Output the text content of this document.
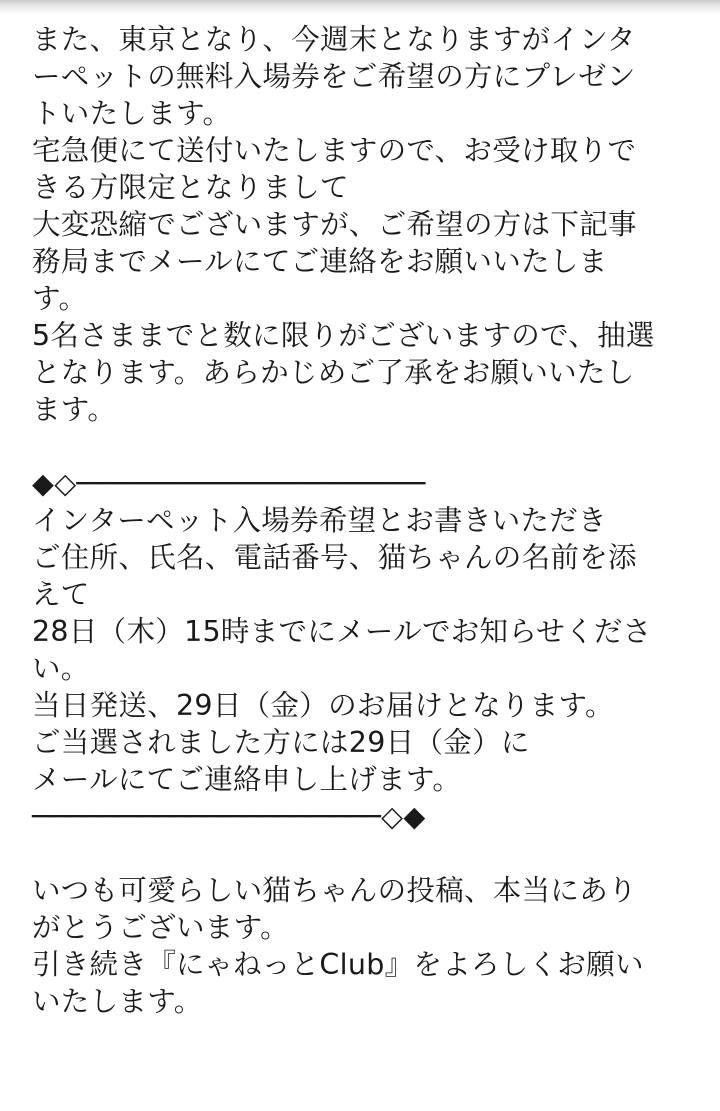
また、東京となり、今週末となりますがインタ
ーペットの無料入場券をご希望の方にプレゼン
トいたします。
宅急便にて送付いたしますので、お受け取りで
きる方限定となりまして
大変恐縮でございますが、ご希望の方は下記事
務局までメールにてご連絡をお願いいたしま
す。
5名さままでと数に限りがございますので、抽選
となります。あらかじめご了承をお願いいたし
ます。
◆◇────────────────────
インターペット入場券希望とお書きいただき
ご住所、氏名、電話番号、猫ちゃんの名前を添
えて
28日（木）15時までにメールでお知らせくださ
い。
当日発送、29日（金）のお届けとなります。
ご当選されました方には29日（金）に
メールにてご連絡申し上げます。
────────────────────◇◆
いつも可愛らしい猫ちゃんの投稿、本当にあり
がとうございます。
引き続き『にゃねっとClub』をよろしくお願い
いたします。
